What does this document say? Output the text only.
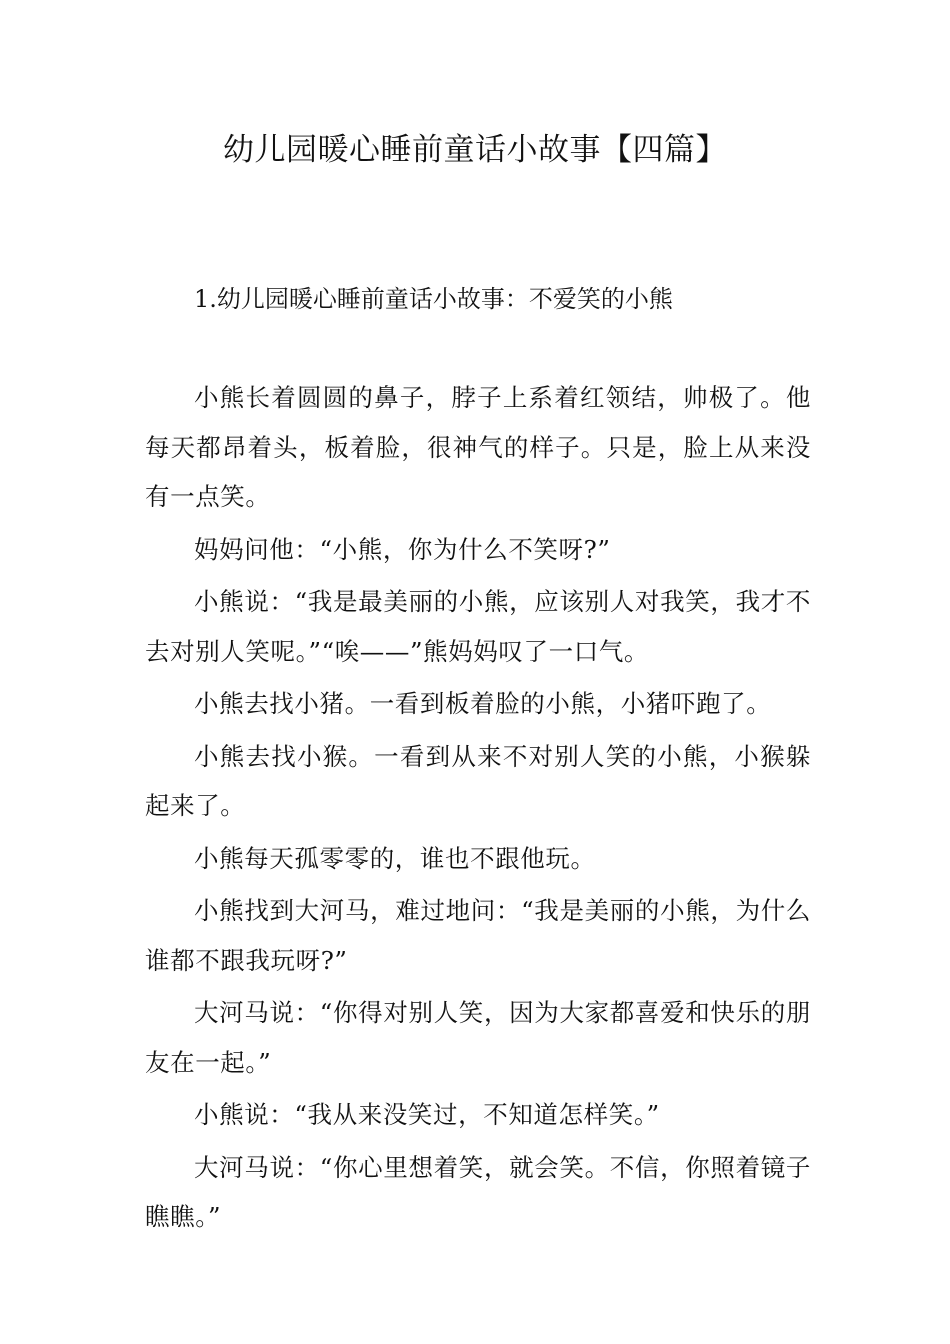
幼儿园暖心睡前童话小故事【四篇】

1.幼儿园暖心睡前童话小故事：不爱笑的小熊

小熊长着圆圆的鼻子，脖子上系着红领结，帅极了。他每天都昂着头，板着脸，很神气的样子。只是，脸上从来没有一点笑。

妈妈问他：“小熊，你为什么不笑呀?”

小熊说：“我是最美丽的小熊，应该别人对我笑，我才不去对别人笑呢。”“唉——”熊妈妈叹了一口气。

小熊去找小猪。一看到板着脸的小熊，小猪吓跑了。

小熊去找小猴。一看到从来不对别人笑的小熊，小猴躲起来了。

小熊每天孤零零的，谁也不跟他玩。

小熊找到大河马，难过地问：“我是美丽的小熊，为什么谁都不跟我玩呀?”

大河马说：“你得对别人笑，因为大家都喜爱和快乐的朋友在一起。”

小熊说：“我从来没笑过，不知道怎样笑。”

大河马说：“你心里想着笑，就会笑。不信，你照着镜子瞧瞧。”
